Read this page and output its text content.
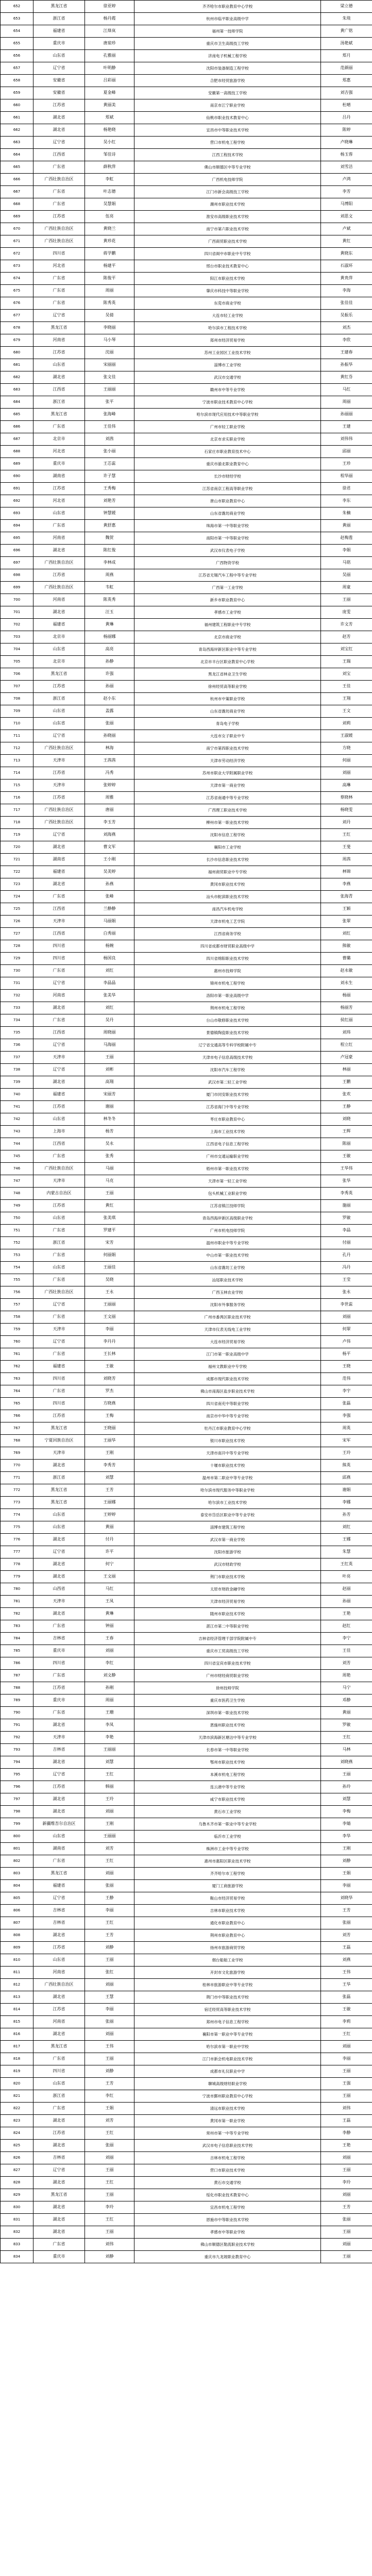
652	黑龙江省	徐亚婷	齐齐哈尔市职业教育中心学校	梁立德
653	浙江省	杨丹霞	杭州市临平职业高级中学	朱琰
654	福建省	江烽岚	福州第一技师学院	黄广铭
655	重庆市	唐琼珍	重庆市卫生高级技工学校	汤艳斌
656	山东省	孔雅丽	济南电子机械工程学校	郑月
657	辽宁省	叶明静	沈阳市装备制造工程学校	范颜丽
658	安徽省	吕彩丽	合肥市经贸旅游学校	郑惠
659	安徽省	夏金峰	安徽第一高级技工学校	刘吉强
660	江苏省	黄丽美	南京市江宁职业学校	杜晴
661	湖北省	郑斌	仙桃市职业技术教育中心	吕丹
662	湖北省	杨艳晓	宜昌市中等职业技术学校	陈婷
663	辽宁省	吴小红	营口市机电工程学校	卢晓琳
664	江西省	邹佳诗	江西工程技术学校	杨玉蓉
665	广东省	薛秋萍	佛山市顺德区中等专业学校	刘雪洁
666	广西壮族自治区	李虹	广西机电技师学院	卢鸿
667	广东省	叶志德	江门市新会高级技工学校	李芳
668	广东省	吴慧娟	潮州市职业技术学校	马博阳
669	江苏省	伍亮	淮安市高级职业技术学校	刘思文
670	广西壮族自治区	黄晓兰	南宁市第六职业技术学校	卢斌
671	广西壮族自治区	黄珍花	广西商贸职业技术学校	黄红
672	四川省	蒋学鹏	四川省阆中市职业中专学校	黄晓东
673	河北省	杨建平	邢台市职业技术教育中心	石淑环
674	广东省	陈俊平	阳江市职业技术学校	黄贵萍
675	广东省	周丽	肇庆市科技中等职业学校	李海
676	广东省	陈秀英	东莞市商业学校	张佳佳
677	辽宁省	吴倩	大连市轻工业学校	吴振乐
678	黑龙江省	李晓丽	哈尔滨市工程技术学校	刘杰
679	河南省	马小琴	郑州市经济贸易学校	李欣
680	江苏省	沈丽	苏州工业园区工业技术学校	王建春
681	山东省	宋丽丽	淄博市工业学校	孙振华
682	湖北省	张文佳	武汉市交通学校	黄红芬
683	江西省	王丽丽	赣州市中等专业学校	马红
684	浙江省	张平	宁波市职业技术教育中心学校	周丽
685	黑龙江省	张海峰	哈尔滨市现代应用技术中等职业学校	孙丽丽
686	广东省	王佳伟	广州市轻工职业学校	王建
687	北京市	刘茜	北京市求实职业学校	刘伟伟
688	河北省	张小丽	石家庄市职业教育技术中心	邱丽
689	重庆市	王芯蕊	重庆市渝北职业教育中心	王珍
690	湖南省	许子慧	长沙市财经学校	程华丽
691	江苏省	王秀梅	江苏省南京工程高等职业学校	徐君
692	河北省	刘艳芳	唐山市职业教育中心	李东
693	山东省	钟慧媛	山东省潍坊商业学校	朱楠
694	广东省	黄舒惠	珠海市第一中等职业学校	黄丽
695	河南省	魏贺	南阳市第一中等职业学校	赵梅莲
696	湖北省	陈红俊	武汉市仪表电子学校	李娟
697	广西壮族自治区	李林成	广西物资学校	马铭
698	江苏省	周燕	江苏省无锡汽车工程中等专业学校	吴丽
699	广西壮族自治区	韦虹	广西第一工业学校	周童
700	河南省	陈英秀	新乡市职业教育中心	王丽
701	湖北省	汪玉	孝感市工业学校	庞雯
702	福建省	黄琳	福州建筑工程职业中专学校	许文芳
703	北京市	杨丽娜	北京市商业学校	赵芳
704	山东省	高亮	青岛西海岸新区职业中等专业学校	刘宝红
705	北京市	孙静	北京市丰台区职业教育中心学校	王瑞
706	黑龙江省	许强	黑龙江省林业卫生学校	刘宝
707	江苏省	孙丽	徐州经贸高等职业学校	王佳
708	浙江省	赵小东	杭州市中策职业学校	王翔
709	山东省	盖露	山东省潍坊商业学校	王文
710	山东省	张丽	青岛电子学校	刘莉
711	辽宁省	孙晓丽	大连市女子职业中专	王淑媛
712	广西壮族自治区	林海	南宁市第四职业技术学校	方晓
713	天津市	王茜茜	天津市劳动经济学校	何丽
714	江苏省	冯秀	苏州市职业大学附属职业学校	刘丽
715	天津市	张婷婷	天津市第一商业学校	高琳
716	江苏省	周雅	江苏省南通中等专业学校	蔡晓林
717	广西壮族自治区	唐丽	广西理工职业技术学校	杨晓雯
718	广西壮族自治区	李玉芳	柳州市第一职业技术学校	刘丹
719	辽宁省	刘海燕	沈阳市信息工程学校	王红
720	湖北省	曹文军	襄阳市工业学校	王斐
721	湖南省	王小刚	长沙市信息职业技术学校	周茜
722	福建省	吴美婷	福州商贸职业中专学校	林锦
723	湖北省	孙燕	黄冈市职业技术学校	李燕
724	广东省	张峰	汕头市鮀滨职业技术学校	张海青
725	江西省	兰静静	南昌汽车机电学校	王颖
726	天津市	马丽娟	天津市机电工艺学院	张翠
727	江西省	白秀丽	江西省商务学校	刘红
728	四川省	杨婉	四川省成都市财贸职业高级中学	熊敏
729	四川省	杨国良	四川省绵阳职业技术学校	曹璐
730	广东省	刘红	惠州市技师学院	赵永敏
731	辽宁省	李晶晶	锦州市机电工程学校	刘永生
732	河南省	张美华	洛阳市第一职业高级中学	杨丽
733	湖北省	刘红	荆州市机电工程学校	杨丽芳
734	广东省	吴丹	台山市敬修职业技术学校	侯红丽
735	江西省	周晓丽	景德镇陶瓷职业技术学校	刘玮
736	辽宁省	马海丽	辽宁省交通高等专科学校附属中专	程立红
737	天津市	王丽	天津市电子信息高级技术学校	卢冠豪
738	辽宁省	刘彬	沈阳市汽车工程学校	林丽
739	湖北省	高翔	武汉市第二轻工业学校	王鹏
740	福建省	宋丽芳	厦门市同安职业技术学校	张欢
741	江苏省	谢丽	江苏省海门中等专业学校	王静
742	山东省	林冬冬	枣庄市职业教育中心	刘晓
743	上海市	杨芳	上海市工业技术学校	王辉
744	江西省	吴永	江西省电子信息工程学校	陈丽
745	广东省	张秀	广州市交通运输职业学校	王敏
746	广西壮族自治区	马丽	梧州市第一职业技术学校	王华伟
747	天津市	马克	天津市第一轻工业学校	张华
748	内蒙古自治区	王丽	包头机械工业职业学校	李秀英
749	江苏省	黄红	江苏省镇江技师学院	施丽
750	山东省	张美琪	青岛西海岸新区高级职业学校	罗敏
751	广东省	罗建平	广州市机电技师学院	李晶
752	浙江省	宋芳	温州市职业中等专业学校	付丽
753	广东省	何丽娟	中山市第一职业技术学校	孔丹
754	山东省	王丽佳	山东省潍坊工业学校	冯丹
755	广东省	吴晓	汕尾职业技术学校	王莹
756	广西壮族自治区	王永	广西玉林农业学校	张永
757	辽宁省	王丽丽	沈阳市外事服务学校	李世蕊
758	广东省	王文丽	广州市番禺区职业技术学校	刘丽
759	天津市	李丽	天津市仪表无线电工业学校	何翠
760	辽宁省	李丹丹	大连市经济贸易学校	卢伟
761	广东省	王长林	江门市第一职业高级中学	杨平
762	福建省	王敏	福州文教职业中专学校	王晓
763	四川省	刘晓芳	成都市现代职业技术学校	范伟
764	广东省	罗杰	佛山市南海区盐步职业技术学校	李宇
765	四川省	方晓燕	四川省南充中等职业学校	张磊
766	江苏省	王梅	南京市中华中等专业学校	李强
767	黑龙江省	王晓丽	牡丹江市职业教育中心学校	周英
768	宁夏回族自治区	王丽华	银川市职业技术学校	宋军
769	天津市	王刚	天津市南开中等专业学校	王玲
770	湖北省	李秀芳	十堰市职业技术学校	熊英
771	浙江省	刘慧	温州市第二职业中等专业学校	邱燕
772	黑龙江省	王芳	哈尔滨市现代服务中等职业学校	谢娟
773	黑龙江省	王丽娜	哈尔滨市工业技术学校	李娜
774	山东省	王婷婷	泰安市岱岳区职业中等专业学校	孙芳
775	山东省	黄丽	淄博市建筑工程学校	刘红
776	湖北省	付丹	武汉市第一商业学校	王娜
777	辽宁省	许平	沈阳市旅游学校	朱慧
778	湖北省	何宁	武汉市财政学校	王红英
779	湖北省	王文丽	荆门市职业技术学校	叶亮
780	山西省	马红	太原市财政金融学校	赵丽
781	天津市	王凤	天津市经济贸易学校	孙丽
782	湖北省	黄琳	随州市职业技术学校	王艳
783	广东省	钟丽	湛江市第二中等职业学校	赵红
784	吉林省	王春	吉林省经济管理干部学院附属中专	李宁
785	重庆市	刘丽	重庆市工贸高级技工学校	王佳
786	四川省	李红	四川省宜宾市职业技术学校	刘芳
787	广东省	刘文静	广州市财经商贸职业学校	周艳
788	江苏省	孙刚	徐州技师学院	马宁
789	重庆市	周丽	重庆市医药卫生学校	邓静
790	广东省	王珊	深圳市第一职业技术学校	黄丽
791	湖北省	李凤	恩施州职业技术学校	罗敏
792	天津市	李艳	天津市滨海新区塘沽中等专业学校	王红
793	吉林省	王丽丽	长春市第一中等职业学校	马林
794	湖北省	刘慧	鄂州市职业技术学校	刘晓燕
795	辽宁省	王红	本溪市机电工程学校	王丽
796	江苏省	韩丽	连云港中等专业学校	孙玲
797	湖北省	王玲	咸宁市职业技术学校	刘慧
798	湖北省	刘丽	黄石市工业学校	李梅
799	新疆维吾尔自治区	王刚	乌鲁木齐市第一职业中等专业学校	李婧
800	山东省	王丽丽	临沂市工业学校	李华
801	湖南省	刘芳	株洲市工业中等专业学校	王刚
802	广东省	王红	惠州市惠阳区职业技术学校	刘静
803	黑龙江省	刘丽	齐齐哈尔市工程学校	王娟
804	福建省	张丽	厦门工商旅游学校	李丽
805	辽宁省	王静	鞍山市经济贸易学校	刘晓华
806	吉林省	李丽	吉林市职业技术学校	王芳
807	吉林省	王红	通化市职业教育中心	张丽
808	湖北省	王芳	荆州市职业教育中心	刘芳
809	江苏省	刘静	扬州市旅游商贸学校	王磊
810	山东省	王丽	烟台船舶工业学校	刘燕
811	河南省	张红	开封市文化旅游学校	王伟
812	广西壮族自治区	刘丽	桂林市旅游职业中等专业学校	王华
813	湖北省	王慧	荆门市中等职业技术学校	张磊
814	江苏省	李丽	宿迁经贸高等职业技术学校	王敏
815	河南省	张丽	郑州市电子信息工程学校	李莉
816	湖北省	刘丽	襄阳市第一职业中等专业学校	王红
817	黑龙江省	王伟	哈尔滨市第一职业中学校	刘丽
818	广东省	王丽	江门市新会机电职业技术学校	李丽
819	四川省	刘静	成都市礼仪职业中学	王丽
820	山东省	王芳	聊城高级财经职业学校	王强
821	浙江省	李红	宁波市鄞州职业教育中心学校	王丽
822	广东省	王娟	清远市职业技术学校	刘伟
823	湖北省	刘芳	黄冈市第一职业学校	王磊
824	江苏省	王红	常州市第一中等专业学校	李静
825	湖北省	张丽	武汉市电子信息职业技术学校	王艳
826	吉林省	刘丽	吉林市机电工程学校	刘丽
827	辽宁省	王丽	营口市职业技术学校	王丽
828	湖北省	王红	黄石市交通学校	李玲
829	黑龙江省	王丽	绥化市职业技术教育中心	刘丽
830	湖北省	李玲	宜昌市机电工程学校	王芳
831	湖北省	王红	恩施市中等职业技术学校	张丽
832	湖北省	王丽	孝感市中等职业学校	王丽
833	广东省	刘伟	佛山市顺德区勒流职业技术学校	刘丽
834	重庆市	刘静	重庆市九龙坡职业教育中心	王丽
